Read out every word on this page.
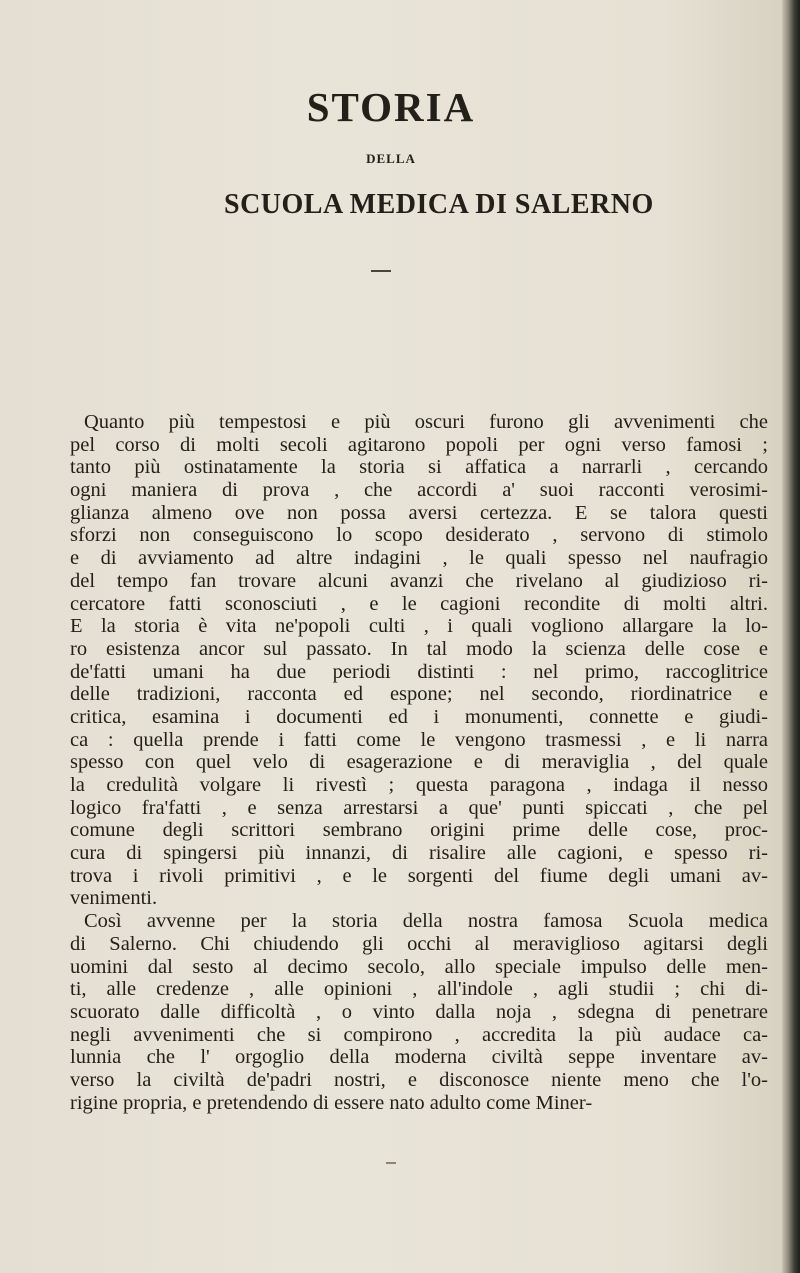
STORIA
DELLA
SCUOLA MEDICA DI SALERNO
Quanto più tempestosi e più oscuri furono gli avvenimenti che
pel corso di molti secoli agitarono popoli per ogni verso famosi ;
tanto più ostinatamente la storia si affatica a narrarli , cercando
ogni maniera di prova , che accordi a' suoi racconti verosimi-
glianza almeno ove non possa aversi certezza. E se talora questi
sforzi non conseguiscono lo scopo desiderato , servono di stimolo
e di avviamento ad altre indagini , le quali spesso nel naufragio
del tempo fan trovare alcuni avanzi che rivelano al giudizioso ri-
cercatore fatti sconosciuti , e le cagioni recondite di molti altri.
E la storia è vita ne'popoli culti , i quali vogliono allargare la lo-
ro esistenza ancor sul passato. In tal modo la scienza delle cose e
de'fatti umani ha due periodi distinti : nel primo, raccoglitrice
delle tradizioni, racconta ed espone; nel secondo, riordinatrice e
critica, esamina i documenti ed i monumenti, connette e giudi-
ca : quella prende i fatti come le vengono trasmessi , e li narra
spesso con quel velo di esagerazione e di meraviglia , del quale
la credulità volgare li rivestì ; questa paragona , indaga il nesso
logico fra'fatti , e senza arrestarsi a que' punti spiccati , che pel
comune degli scrittori sembrano origini prime delle cose, proc-
cura di spingersi più innanzi, di risalire alle cagioni, e spesso ri-
trova i rivoli primitivi , e le sorgenti del fiume degli umani av-
venimenti.
Così avvenne per la storia della nostra famosa Scuola medica
di Salerno. Chi chiudendo gli occhi al meraviglioso agitarsi degli
uomini dal sesto al decimo secolo, allo speciale impulso delle men-
ti, alle credenze , alle opinioni , all'indole , agli studii ; chi di-
scuorato dalle difficoltà , o vinto dalla noja , sdegna di penetrare
negli avvenimenti che si compirono , accredita la più audace ca-
lunnia che l' orgoglio della moderna civiltà seppe inventare av-
verso la civiltà de'padri nostri, e disconosce niente meno che l'o-
rigine propria, e pretendendo di essere nato adulto come Miner-
